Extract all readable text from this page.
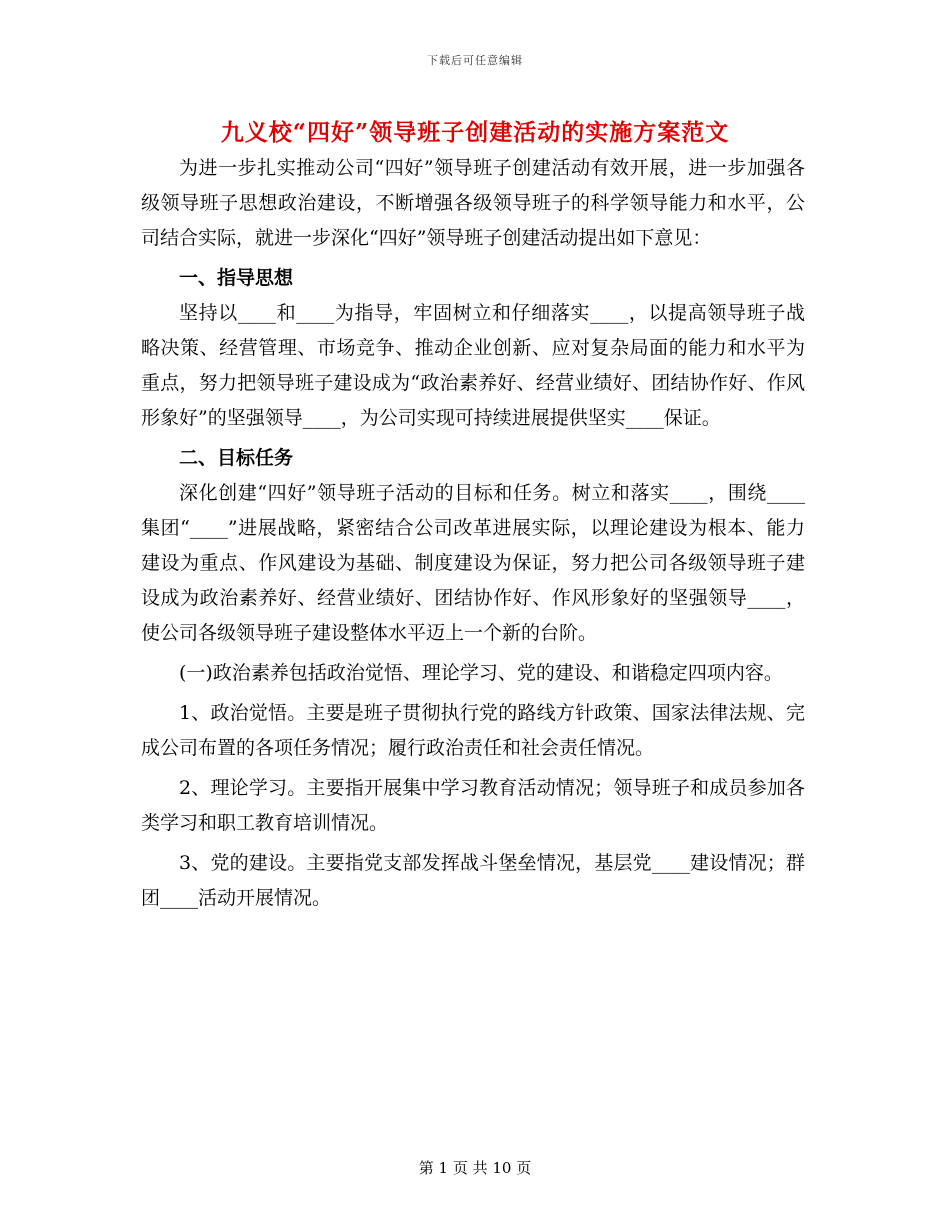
下载后可任意编辑
九义校“四好”领导班子创建活动的实施方案范文

为进一步扎实推动公司“四好”领导班子创建活动有效开展，进一步加强各级领导班子思想政治建设，不断增强各级领导班子的科学领导能力和水平，公司结合实际，就进一步深化“四好”领导班子创建活动提出如下意见：

一、指导思想

坚持以____和____为指导，牢固树立和仔细落实____，以提高领导班子战略决策、经营管理、市场竞争、推动企业创新、应对复杂局面的能力和水平为重点，努力把领导班子建设成为“政治素养好、经营业绩好、团结协作好、作风形象好”的坚强领导____，为公司实现可持续进展提供坚实____保证。

二、目标任务

深化创建“四好”领导班子活动的目标和任务。树立和落实____，围绕____集团“____”进展战略，紧密结合公司改革进展实际，以理论建设为根本、能力建设为重点、作风建设为基础、制度建设为保证，努力把公司各级领导班子建设成为政治素养好、经营业绩好、团结协作好、作风形象好的坚强领导____，使公司各级领导班子建设整体水平迈上一个新的台阶。

(一)政治素养包括政治觉悟、理论学习、党的建设、和谐稳定四项内容。

1、政治觉悟。主要是班子贯彻执行党的路线方针政策、国家法律法规、完成公司布置的各项任务情况；履行政治责任和社会责任情况。

2、理论学习。主要指开展集中学习教育活动情况；领导班子和成员参加各类学习和职工教育培训情况。

3、党的建设。主要指党支部发挥战斗堡垒情况，基层党____建设情况；群团____活动开展情况。

第 1 页 共 10 页
